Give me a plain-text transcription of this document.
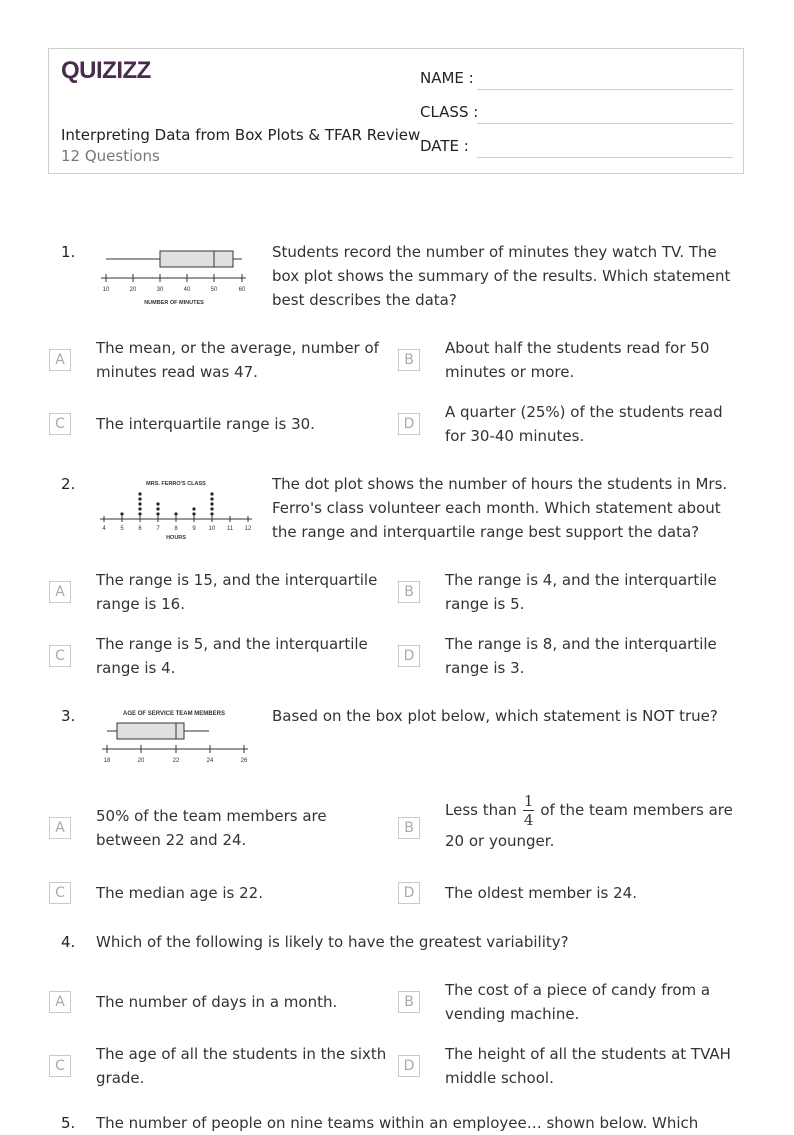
QUIZIZZ
Interpreting Data from Box Plots & TFAR Review
12 Questions
NAME :
CLASS :
DATE :
1.
10	20	30	40	50	60
NUMBER OF MINUTES
Students record the number of minutes they watch TV. The box plot shows the summary of the results. Which statement best describes the data?
A
The mean, or the average, number of minutes read was 47.
B
About half the students read for 50 minutes or more.
C	The interquartile range is 30.	D
A quarter (25%) of the students read for 30-40 minutes.
2.	MRS. FERRO'S CLASS
4 5 6 7 8 9 10 11 12
HOURS
The dot plot shows the number of hours the students in Mrs. Ferro's class volunteer each month. Which statement about the range and interquartile range best support the data?
A
The range is 15, and the interquartile range is 16.
B
The range is 4, and the interquartile range is 5.
C
The range is 5, and the interquartile range is 4.
D
The range is 8, and the interquartile range is 3.
3.	AGE OF SERVICE TEAM MEMBERS
18	20	22	24	26
Based on the box plot below, which statement is NOT true?
A
50% of the team members are between 22 and 24.
B
Less than $\frac{1}{4}$ of the team members are
20 or younger.
C	The median age is 22.	D	The oldest member is 24.
4. Which of the following is likely to have the greatest variability?
A	The number of days in a month.	B
The cost of a piece of candy from a vending machine.
C
The age of all the students in the sixth grade.
D
The height of all the students at TVAH middle school.
5. The number of people on nine teams within an employee… shown below. Which
